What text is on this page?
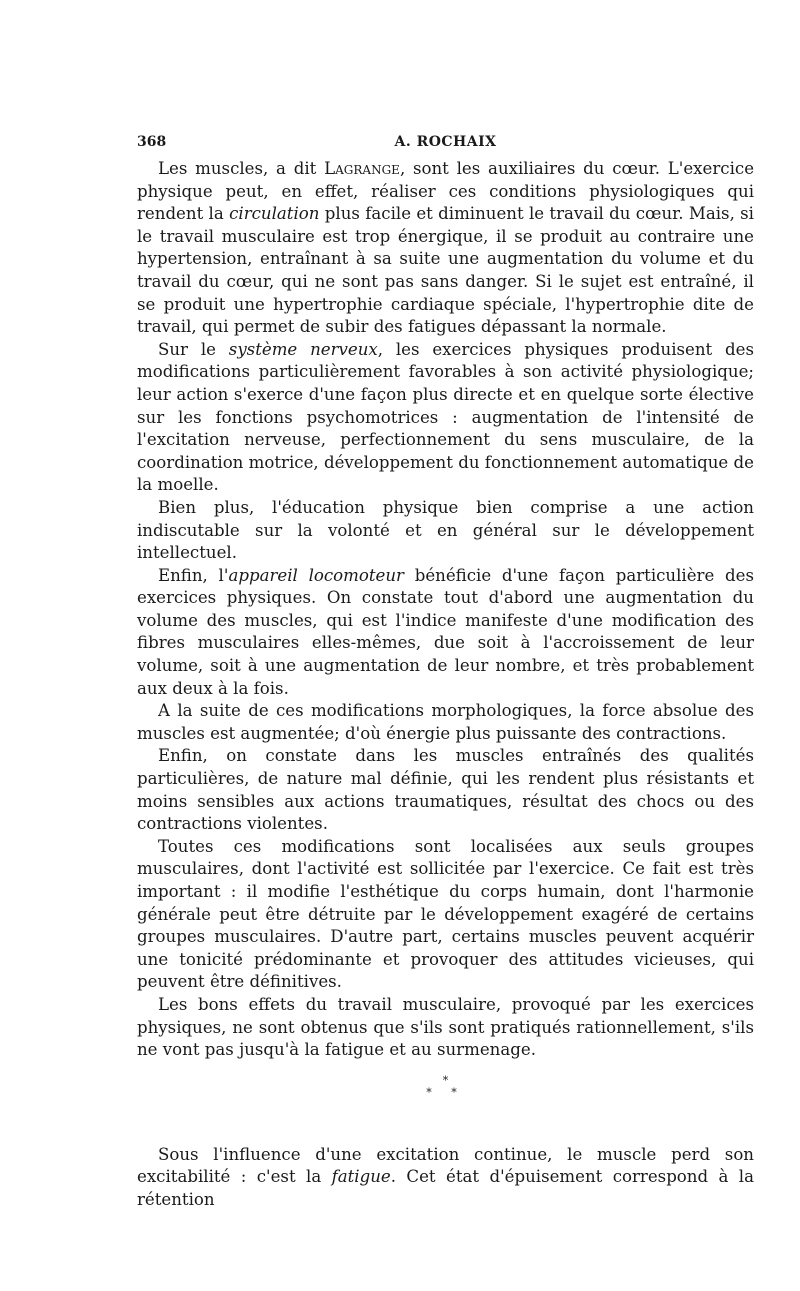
368	A. ROCHAIX

Les muscles, a dit Lagrange, sont les auxiliaires du cœur. L'exercice physique peut, en effet, réaliser ces conditions physiologiques qui rendent la circulation plus facile et diminuent le travail du cœur. Mais, si le travail musculaire est trop énergique, il se produit au contraire une hypertension, entraînant à sa suite une augmentation du volume et du travail du cœur, qui ne sont pas sans danger. Si le sujet est entraîné, il se produit une hypertrophie cardiaque spéciale, l'hypertrophie dite de travail, qui permet de subir des fatigues dépassant la normale.

Sur le système nerveux, les exercices physiques produisent des modifications particulièrement favorables à son activité physiologique; leur action s'exerce d'une façon plus directe et en quelque sorte élective sur les fonctions psychomotrices : augmentation de l'intensité de l'excitation nerveuse, perfectionnement du sens musculaire, de la coordination motrice, développement du fonctionnement automatique de la moelle.

Bien plus, l'éducation physique bien comprise a une action indiscutable sur la volonté et en général sur le développement intellectuel.

Enfin, l'appareil locomoteur bénéficie d'une façon particulière des exercices physiques. On constate tout d'abord une augmentation du volume des muscles, qui est l'indice manifeste d'une modification des fibres musculaires elles-mêmes, due soit à l'accroissement de leur volume, soit à une augmentation de leur nombre, et très probablement aux deux à la fois.

A la suite de ces modifications morphologiques, la force absolue des muscles est augmentée; d'où énergie plus puissante des contractions.

Enfin, on constate dans les muscles entraînés des qualités particulières, de nature mal définie, qui les rendent plus résistants et moins sensibles aux actions traumatiques, résultat des chocs ou des contractions violentes.

Toutes ces modifications sont localisées aux seuls groupes musculaires, dont l'activité est sollicitée par l'exercice. Ce fait est très important : il modifie l'esthétique du corps humain, dont l'harmonie générale peut être détruite par le développement exagéré de certains groupes musculaires. D'autre part, certains muscles peuvent acquérir une tonicité prédominante et provoquer des attitudes vicieuses, qui peuvent être définitives.

Les bons effets du travail musculaire, provoqué par les exercices physiques, ne sont obtenus que s'ils sont pratiqués rationnellement, s'ils ne vont pas jusqu'à la fatigue et au surmenage.

*
* *

Sous l'influence d'une excitation continue, le muscle perd son excitabilité : c'est la fatigue. Cet état d'épuisement correspond à la rétention
